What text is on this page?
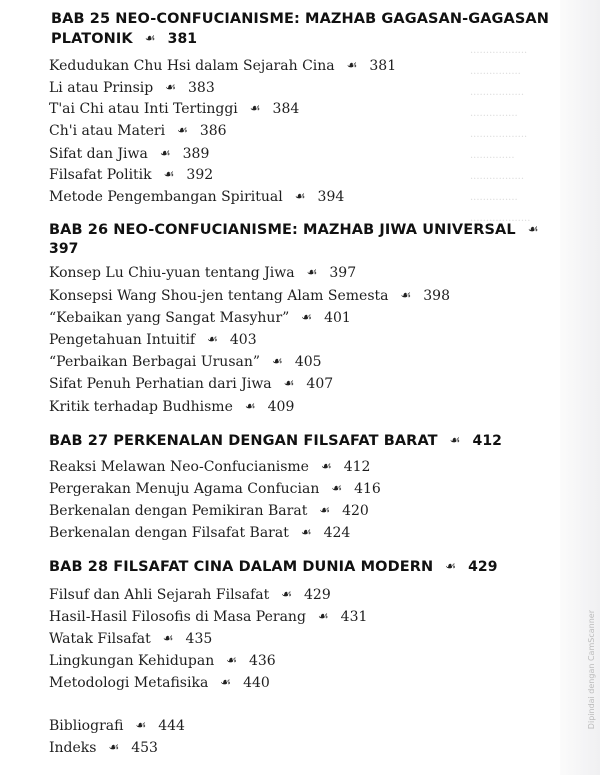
..................
................
.................
...............
..................
..............
.................
...............
...................
Dipindai dengan CamScanner
BAB 25 NEO-CONFUCIANISME: MAZHAB GAGASAN-GAGASAN
PLATONIK ☙ 381
Kedudukan Chu Hsi dalam Sejarah Cina ☙ 381
Li atau Prinsip ☙ 383
T'ai Chi atau Inti Tertinggi ☙ 384
Ch'i atau Materi ☙ 386
Sifat dan Jiwa ☙ 389
Filsafat Politik ☙ 392
Metode Pengembangan Spiritual ☙ 394
BAB 26 NEO-CONFUCIANISME: MAZHAB JIWA UNIVERSAL ☙
397
Konsep Lu Chiu-yuan tentang Jiwa ☙ 397
Konsepsi Wang Shou-jen tentang Alam Semesta ☙ 398
“Kebaikan yang Sangat Masyhur” ☙ 401
Pengetahuan Intuitif ☙ 403
“Perbaikan Berbagai Urusan” ☙ 405
Sifat Penuh Perhatian dari Jiwa ☙ 407
Kritik terhadap Budhisme ☙ 409
BAB 27 PERKENALAN DENGAN FILSAFAT BARAT ☙ 412
Reaksi Melawan Neo-Confucianisme ☙ 412
Pergerakan Menuju Agama Confucian ☙ 416
Berkenalan dengan Pemikiran Barat ☙ 420
Berkenalan dengan Filsafat Barat ☙ 424
BAB 28 FILSAFAT CINA DALAM DUNIA MODERN ☙ 429
Filsuf dan Ahli Sejarah Filsafat ☙ 429
Hasil-Hasil Filosofis di Masa Perang ☙ 431
Watak Filsafat ☙ 435
Lingkungan Kehidupan ☙ 436
Metodologi Metafisika ☙ 440
Bibliografi ☙ 444
Indeks ☙ 453
